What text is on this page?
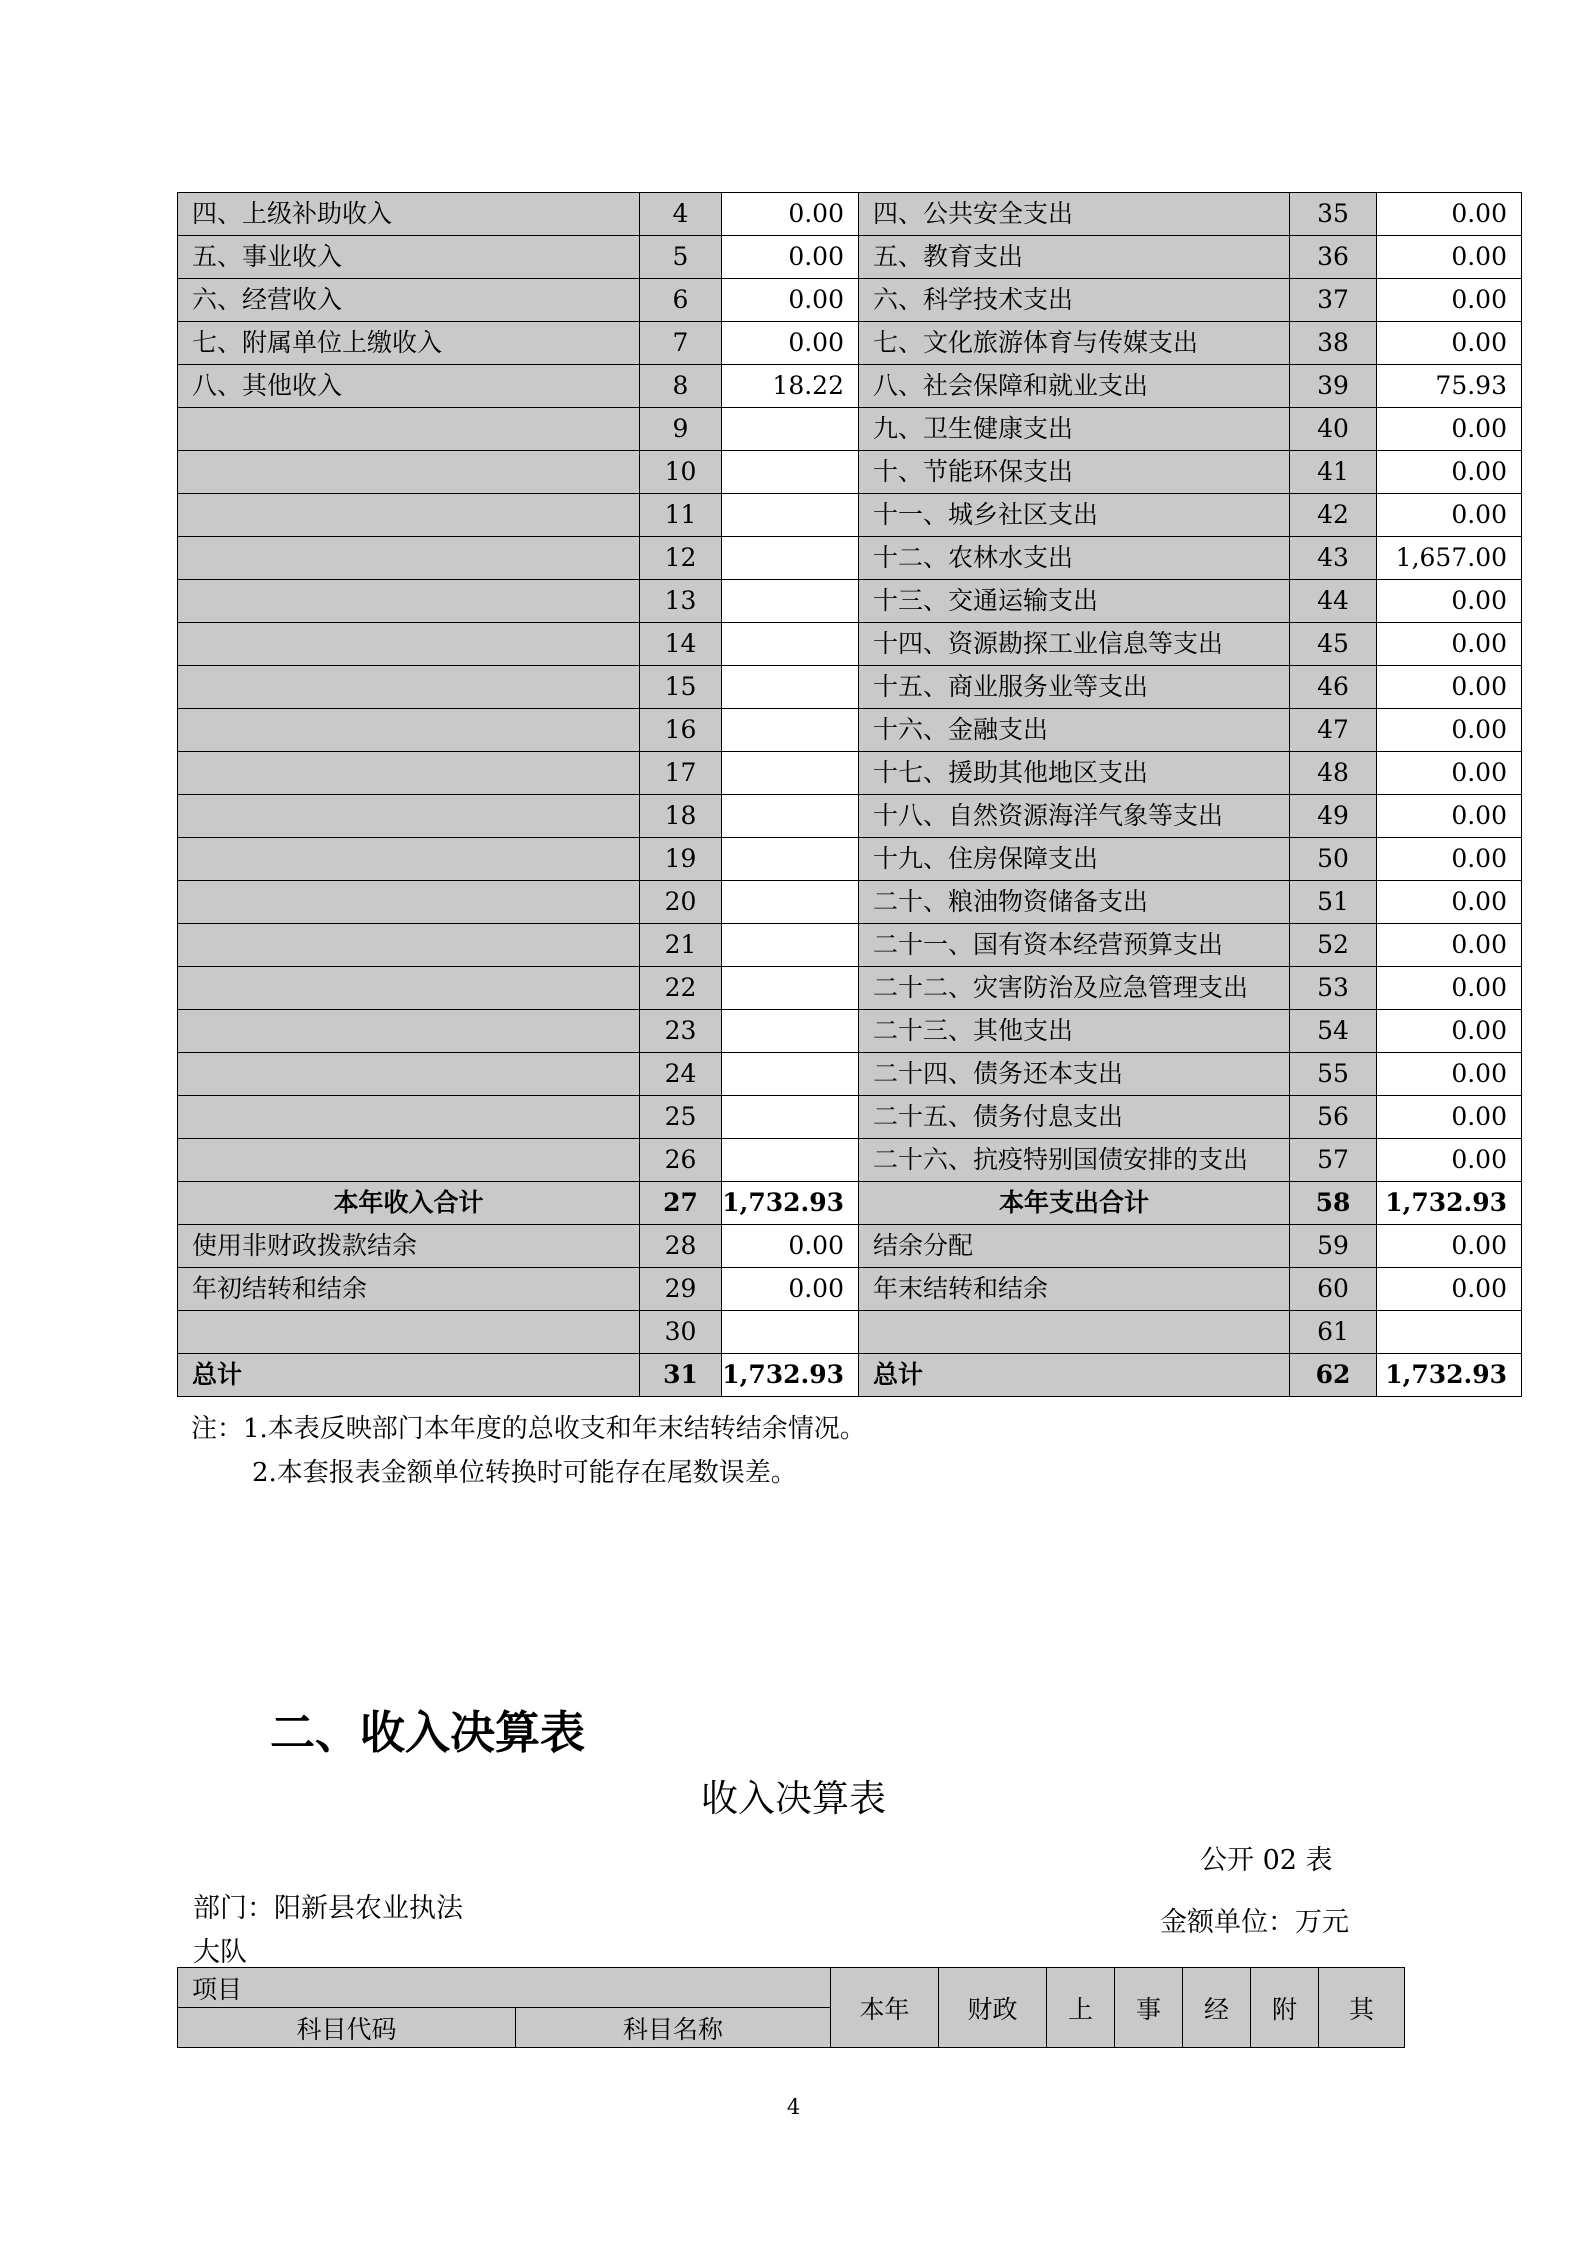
四、上级补助收入	4	0.00	四、公共安全支出	35	0.00
五、事业收入	5	0.00	五、教育支出	36	0.00
六、经营收入	6	0.00	六、科学技术支出	37	0.00
七、附属单位上缴收入	7	0.00	七、文化旅游体育与传媒支出	38	0.00
八、其他收入	8	18.22	八、社会保障和就业支出	39	75.93
	9		九、卫生健康支出	40	0.00
	10		十、节能环保支出	41	0.00
	11		十一、城乡社区支出	42	0.00
	12		十二、农林水支出	43	1,657.00
	13		十三、交通运输支出	44	0.00
	14		十四、资源勘探工业信息等支出	45	0.00
	15		十五、商业服务业等支出	46	0.00
	16		十六、金融支出	47	0.00
	17		十七、援助其他地区支出	48	0.00
	18		十八、自然资源海洋气象等支出	49	0.00
	19		十九、住房保障支出	50	0.00
	20		二十、粮油物资储备支出	51	0.00
	21		二十一、国有资本经营预算支出	52	0.00
	22		二十二、灾害防治及应急管理支出	53	0.00
	23		二十三、其他支出	54	0.00
	24		二十四、债务还本支出	55	0.00
	25		二十五、债务付息支出	56	0.00
	26		二十六、抗疫特别国债安排的支出	57	0.00
本年收入合计	27	1,732.93	本年支出合计	58	1,732.93
使用非财政拨款结余	28	0.00	结余分配	59	0.00
年初结转和结余	29	0.00	年末结转和结余	60	0.00
	30			61	
总计	31	1,732.93	总计	62	1,732.93
注：1.本表反映部门本年度的总收支和年末结转结余情况。
2.本套报表金额单位转换时可能存在尾数误差。
二、收入决算表
收入决算表
公开 02 表
部门：阳新县农业执法大队
金额单位：万元
项目		本年	财政	上	事	经	附	其
科目代码	科目名称							
4
